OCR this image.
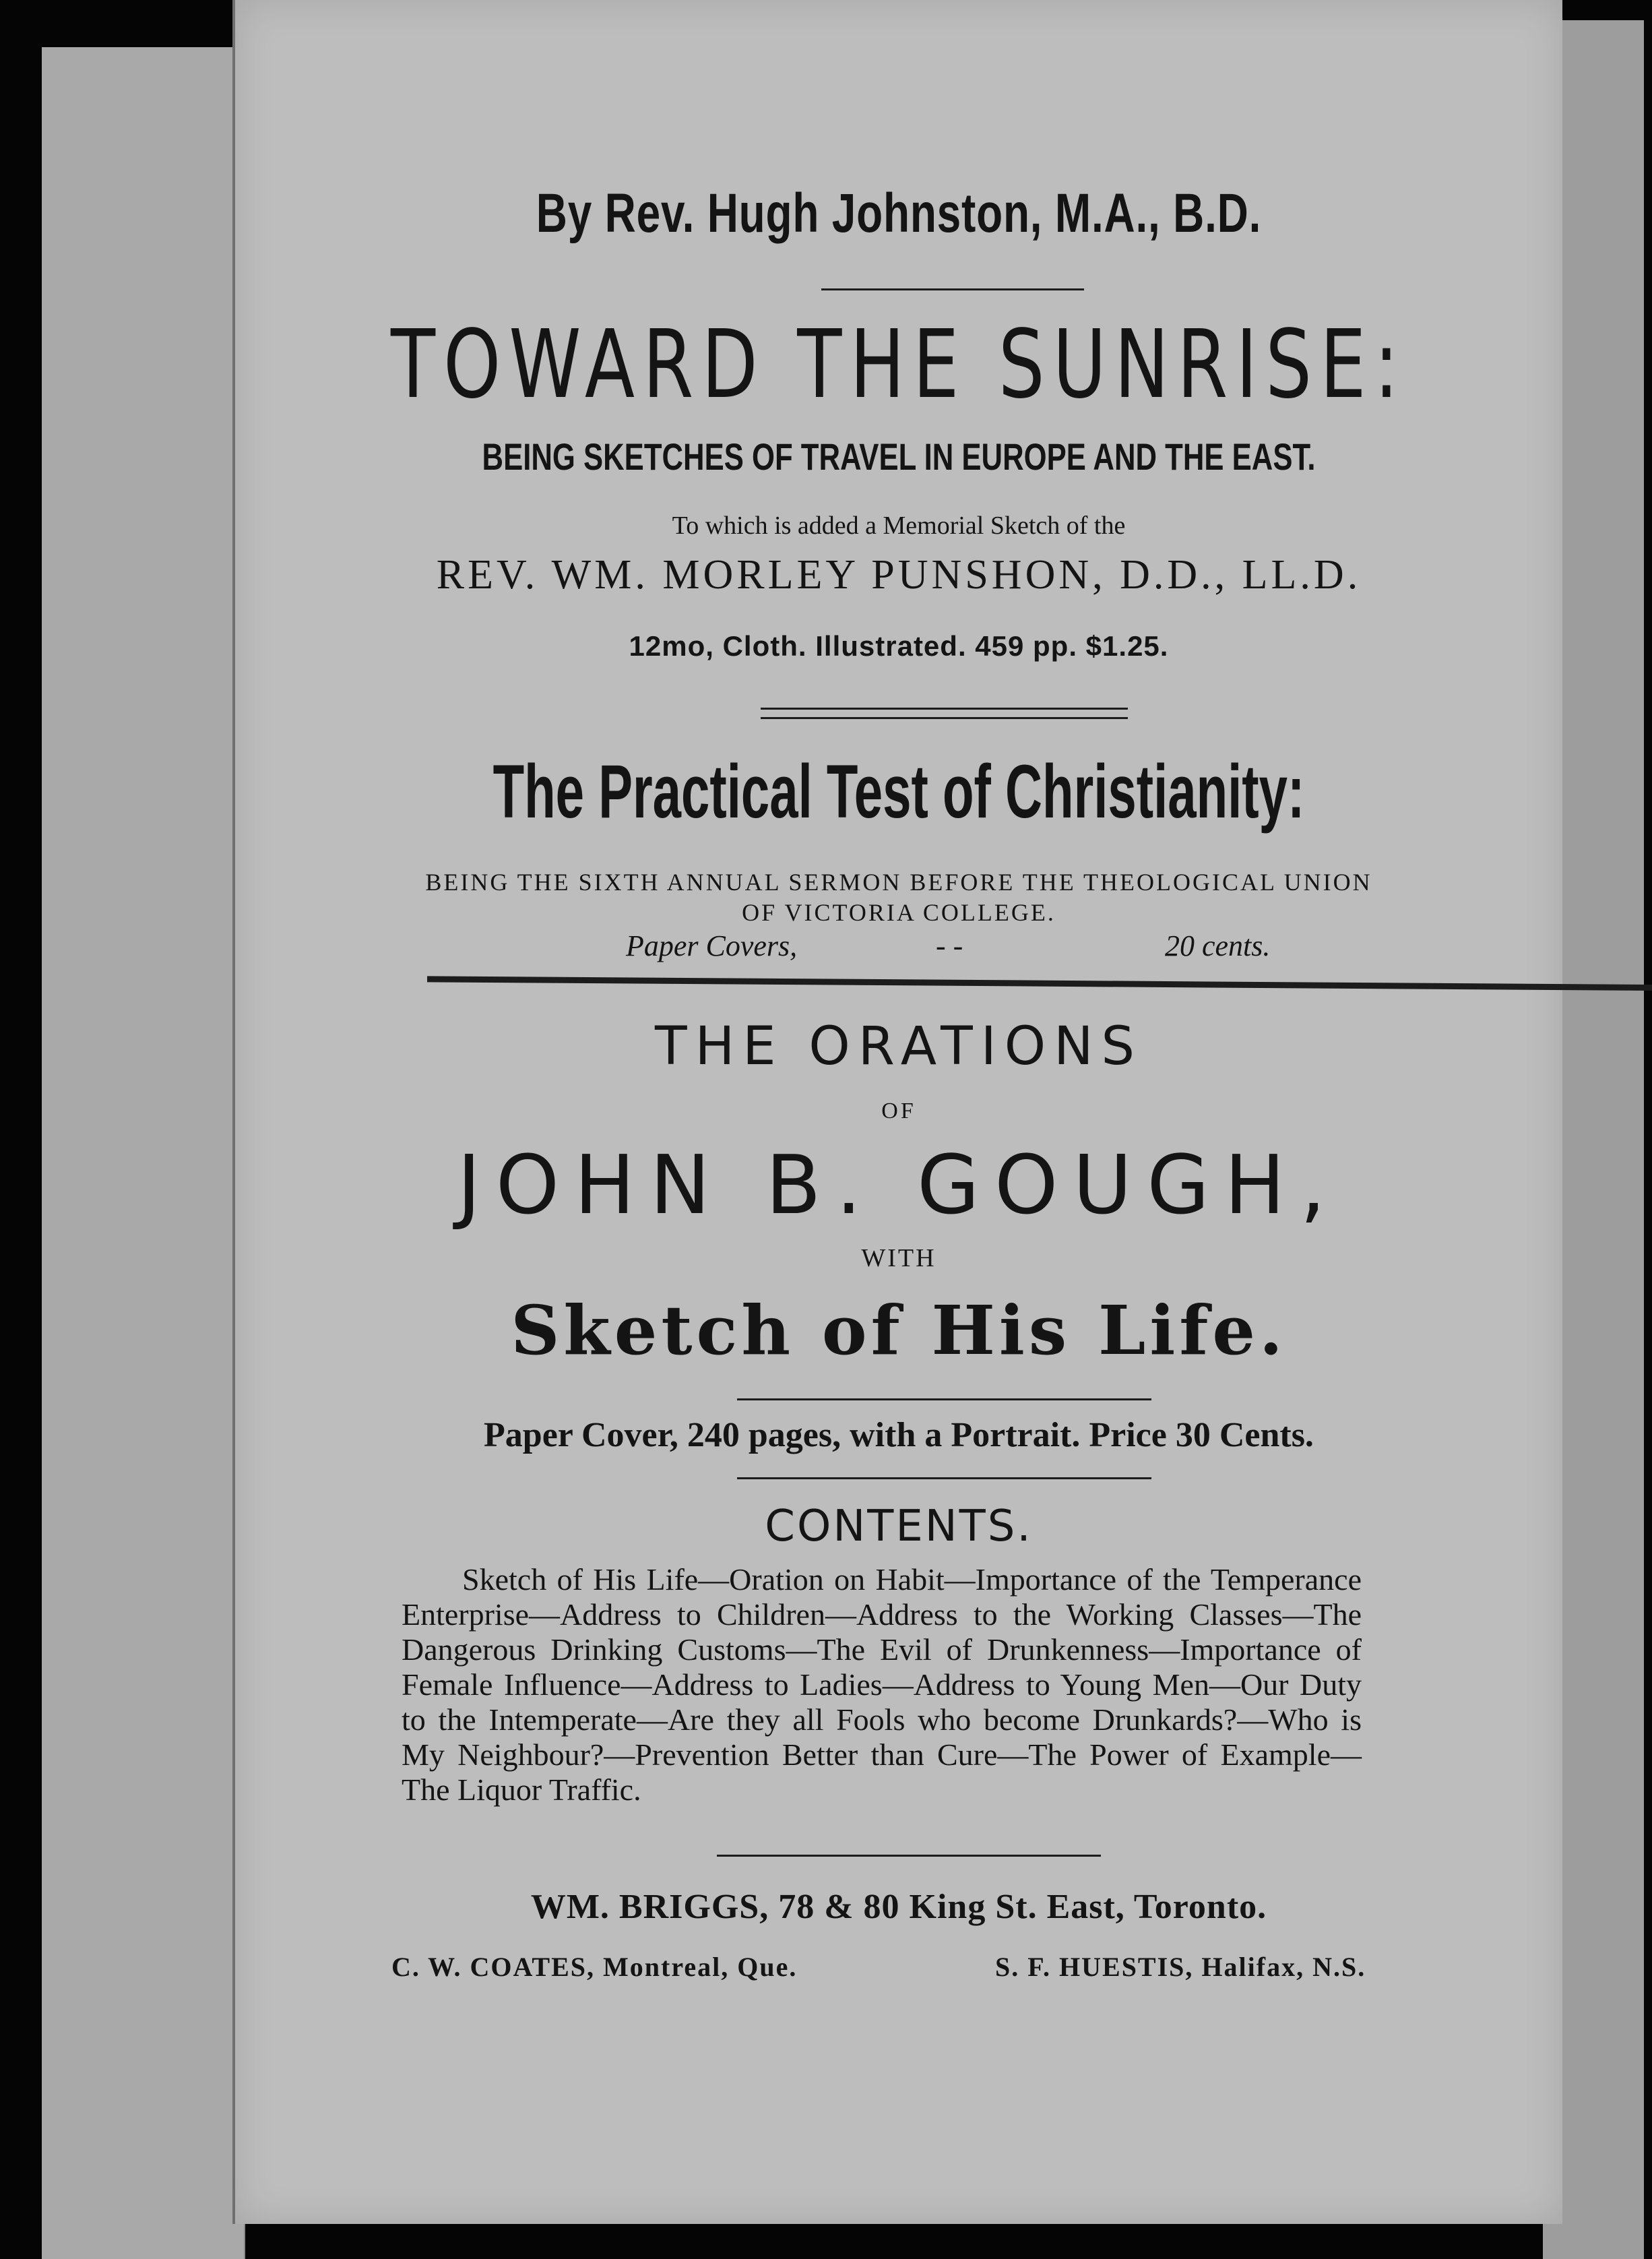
By Rev. Hugh Johnston, M.A., B.D.
TOWARD THE SUNRISE:
BEING SKETCHES OF TRAVEL IN EUROPE AND THE EAST.
To which is added a Memorial Sketch of the
REV. WM. MORLEY PUNSHON, D.D., LL.D.
12mo, Cloth. Illustrated. 459 pp. $1.25.
The Practical Test of Christianity:
BEING THE SIXTH ANNUAL SERMON BEFORE THE THEOLOGICAL UNION
OF VICTORIA COLLEGE.
Paper Covers,	- -	20 cents.
THE ORATIONS
OF
JOHN B. GOUGH,
WITH
Sketch of His Life.
Paper Cover, 240 pages, with a Portrait. Price 30 Cents.
CONTENTS.
Sketch of His Life—Oration on Habit—Importance of the Temperance Enterprise—Address to Children—Address to the Working Classes—The Dangerous Drinking Customs—The Evil of Drunkenness—Importance of Female Influence—Address to Ladies—Address to Young Men—Our Duty to the Intemperate—Are they all Fools who become Drunkards?—Who is My Neighbour?—Prevention Better than Cure—The Power of Example—The Liquor Traffic.
WM. BRIGGS, 78 & 80 King St. East, Toronto.
C. W. COATES, Montreal, Que.	S. F. HUESTIS, Halifax, N.S.
